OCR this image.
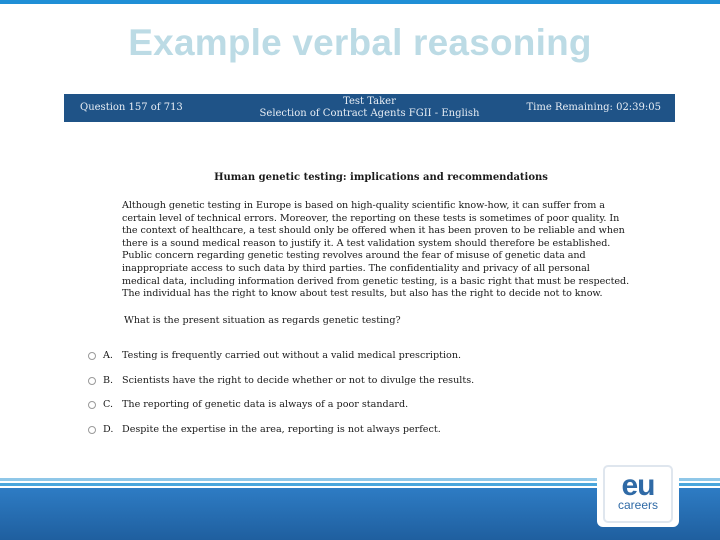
Example verbal reasoning
Question 157 of 713
Test Taker
Selection of Contract Agents FGII - English
Time Remaining: 02:39:05
Human genetic testing: implications and recommendations
Although genetic testing in Europe is based on high-quality scientific know-how, it can suffer from a certain level of technical errors. Moreover, the reporting on these tests is sometimes of poor quality. In the context of healthcare, a test should only be offered when it has been proven to be reliable and when there is a sound medical reason to justify it. A test validation system should therefore be established. Public concern regarding genetic testing revolves around the fear of misuse of genetic data and inappropriate access to such data by third parties. The confidentiality and privacy of all personal medical data, including information derived from genetic testing, is a basic right that must be respected. The individual has the right to know about test results, but also has the right to decide not to know.
What is the present situation as regards genetic testing?
A. Testing is frequently carried out without a valid medical prescription.
B. Scientists have the right to decide whether or not to divulge the results.
C. The reporting of genetic data is always of a poor standard.
D. Despite the expertise in the area, reporting is not always perfect.
eu
careers
